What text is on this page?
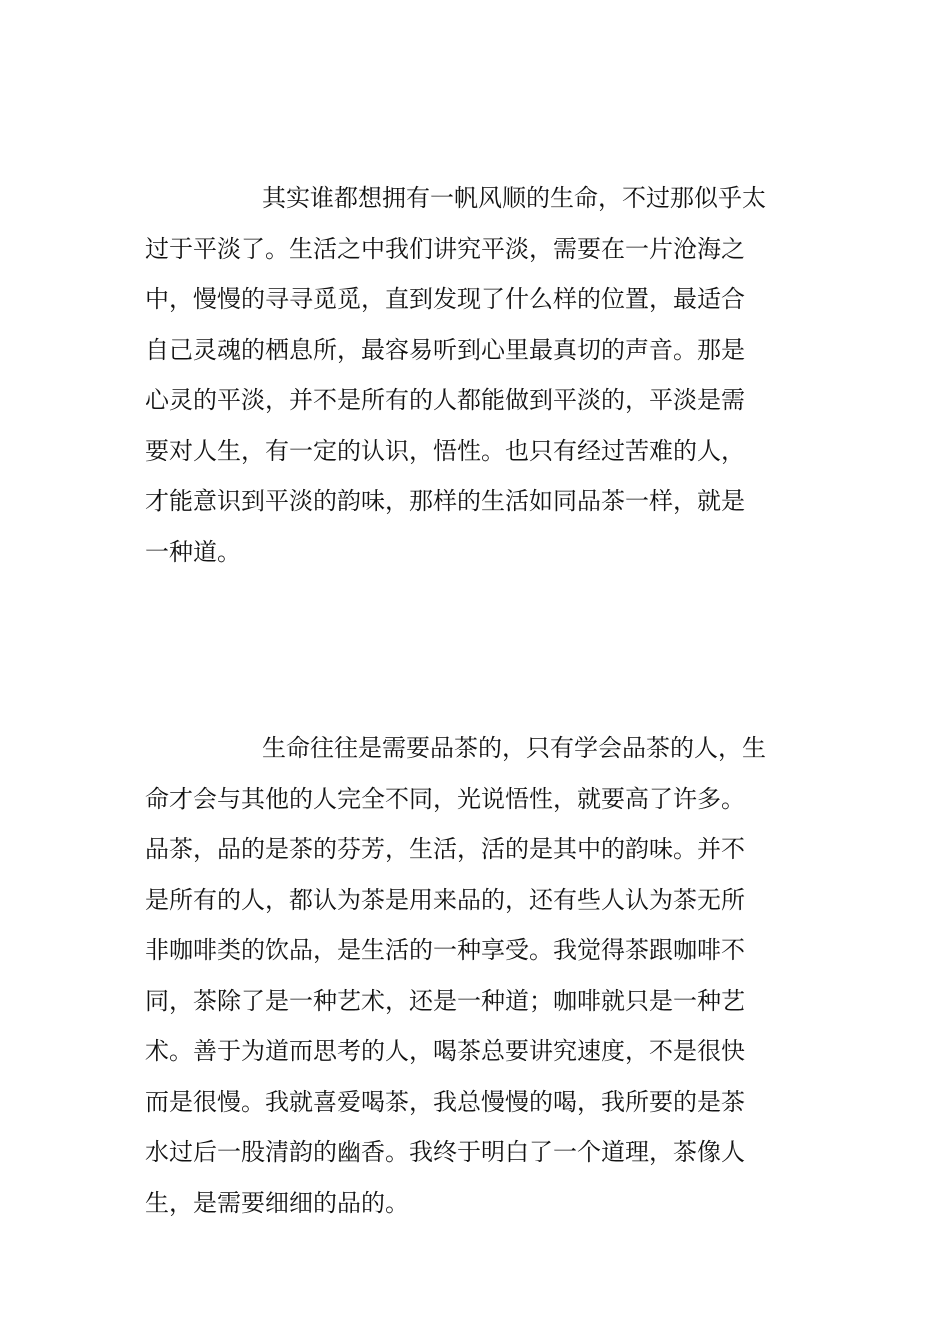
其实谁都想拥有一帆风顺的生命，不过那似乎太
过于平淡了。生活之中我们讲究平淡，需要在一片沧海之
中，慢慢的寻寻觅觅，直到发现了什么样的位置，最适合
自己灵魂的栖息所，最容易听到心里最真切的声音。那是
心灵的平淡，并不是所有的人都能做到平淡的，平淡是需
要对人生，有一定的认识，悟性。也只有经过苦难的人，
才能意识到平淡的韵味，那样的生活如同品茶一样，就是
一种道。
生命往往是需要品茶的，只有学会品茶的人，生
命才会与其他的人完全不同，光说悟性，就要高了许多。
品茶，品的是茶的芬芳，生活，活的是其中的韵味。并不
是所有的人，都认为茶是用来品的，还有些人认为茶无所
非咖啡类的饮品，是生活的一种享受。我觉得茶跟咖啡不
同，茶除了是一种艺术，还是一种道；咖啡就只是一种艺
术。善于为道而思考的人，喝茶总要讲究速度，不是很快
而是很慢。我就喜爱喝茶，我总慢慢的喝，我所要的是茶
水过后一股清韵的幽香。我终于明白了一个道理，茶像人
生，是需要细细的品的。
